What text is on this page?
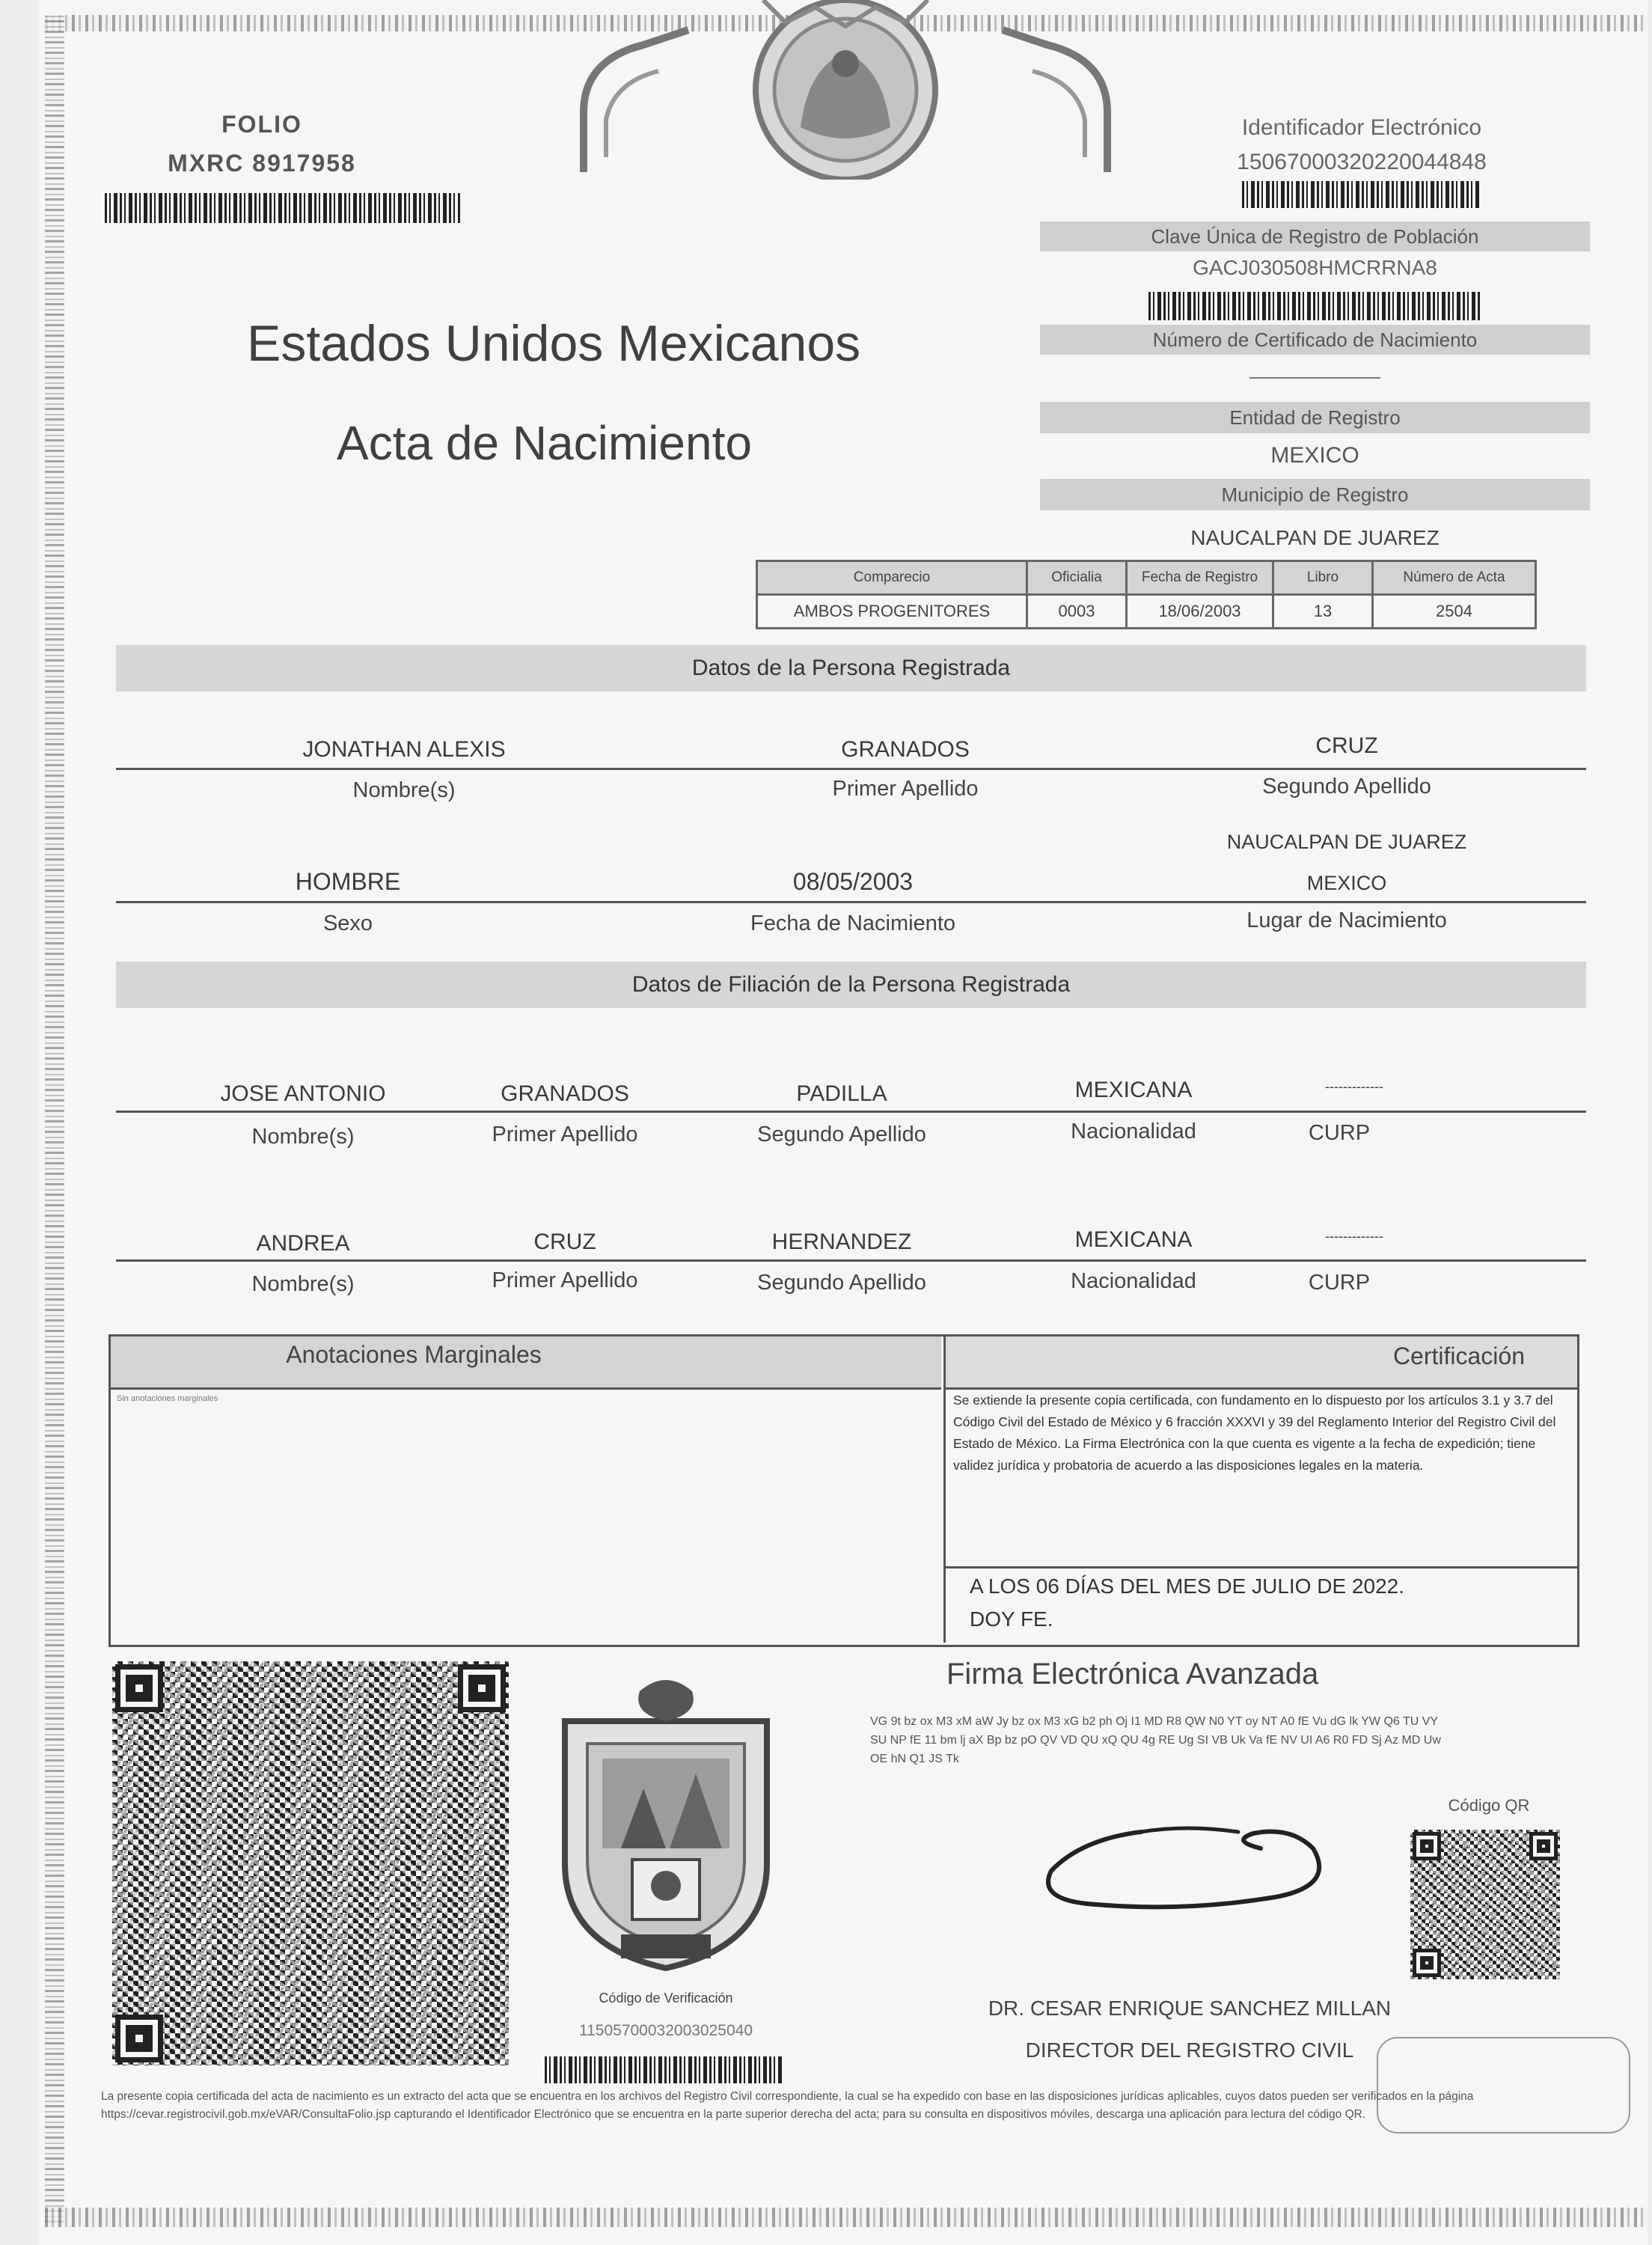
FOLIO
MXRC 8917958
Identificador Electrónico
15067000320220044848
Clave Única de Registro de Población
GACJ030508HMCRRNA8
Número de Certificado de Nacimiento
Entidad de Registro
MEXICO
Municipio de Registro
NAUCALPAN DE JUAREZ
Estados Unidos Mexicanos
Acta de Nacimiento
Comparecio	Oficialia	Fecha de Registro	Libro	Número de Acta
AMBOS PROGENITORES	0003	18/06/2003	13	2504
Datos de la Persona Registrada
JONATHAN ALEXIS	GRANADOS	CRUZ
Nombre(s)	Primer Apellido	Segundo Apellido
NAUCALPAN DE JUAREZ
HOMBRE	08/05/2003	MEXICO
Sexo	Fecha de Nacimiento	Lugar de Nacimiento
Datos de Filiación de la Persona Registrada
JOSE ANTONIO	GRANADOS	PADILLA	MEXICANA	-------------
Nombre(s)	Primer Apellido	Segundo Apellido	Nacionalidad	CURP
ANDREA	CRUZ	HERNANDEZ	MEXICANA	-------------
Nombre(s)	Primer Apellido	Segundo Apellido	Nacionalidad	CURP
Anotaciones Marginales	Certificación
Sin anotaciones marginales	Se extiende la presente copia certificada, con fundamento en lo dispuesto por los artículos 3.1 y 3.7 del Código Civil del Estado de México y 6 fracción XXXVI y 39 del Reglamento Interior del Registro Civil del Estado de México. La Firma Electrónica con la que cuenta es vigente a la fecha de expedición; tiene validez jurídica y probatoria de acuerdo a las disposiciones legales en la materia.
A LOS 06 DÍAS DEL MES DE JULIO DE 2022.
DOY FE.
Código de Verificación
11505700032003025040
Firma Electrónica Avanzada
VG 9t bz ox M3 xM aW Jy bz ox M3 xG b2 ph Oj I1 MD R8 QW N0 YT oy NT A0 fE Vu dG lk YW Q6 TU VY SU NP fE 11 bm lj aX Bp bz pO QV VD QU xQ QU 4g RE Ug SI VB Uk Va fE NV UI A6 R0 FD Sj Az MD Uw OE hN Q1 JS Tk
Código QR
DR. CESAR ENRIQUE SANCHEZ MILLAN
DIRECTOR DEL REGISTRO CIVIL
La presente copia certificada del acta de nacimiento es un extracto del acta que se encuentra en los archivos del Registro Civil correspondiente, la cual se ha expedido con base en las disposiciones jurídicas aplicables, cuyos datos pueden ser verificados en la página https://cevar.registrocivil.gob.mx/eVAR/ConsultaFolio.jsp capturando el Identificador Electrónico que se encuentra en la parte superior derecha del acta; para su consulta en dispositivos móviles, descarga una aplicación para lectura del código QR.
